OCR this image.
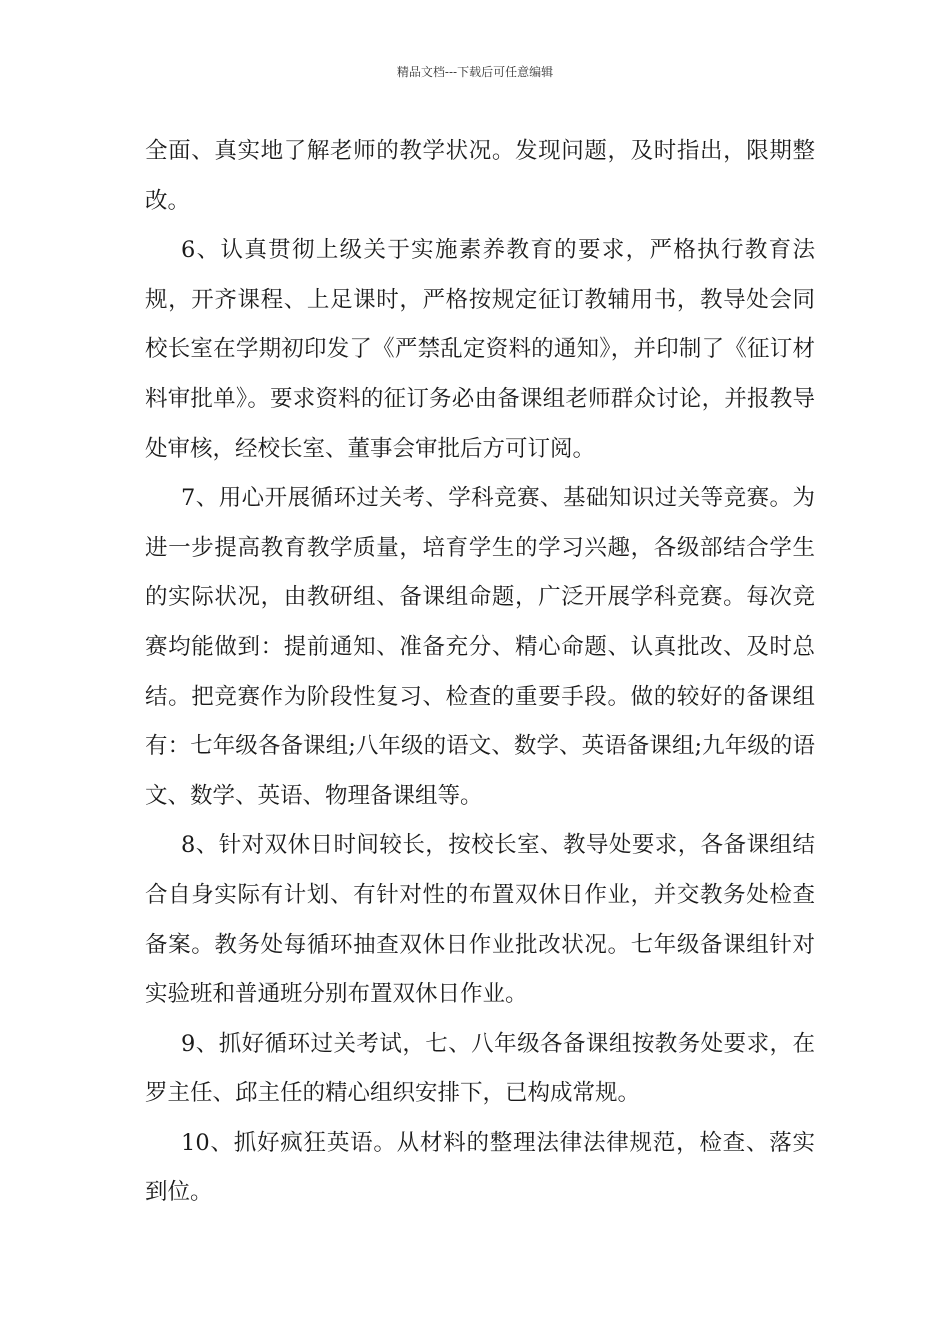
精品文档---下载后可任意编辑

全面、真实地了解老师的教学状况。发现问题，及时指出，限期整改。

6、认真贯彻上级关于实施素养教育的要求，严格执行教育法规，开齐课程、上足课时，严格按规定征订教辅用书，教导处会同校长室在学期初印发了《严禁乱定资料的通知》，并印制了《征订材料审批单》。要求资料的征订务必由备课组老师群众讨论，并报教导处审核，经校长室、董事会审批后方可订阅。

7、用心开展循环过关考、学科竞赛、基础知识过关等竞赛。为进一步提高教育教学质量，培育学生的学习兴趣，各级部结合学生的实际状况，由教研组、备课组命题，广泛开展学科竞赛。每次竞赛均能做到：提前通知、准备充分、精心命题、认真批改、及时总结。把竞赛作为阶段性复习、检查的重要手段。做的较好的备课组有：七年级各备课组;八年级的语文、数学、英语备课组;九年级的语文、数学、英语、物理备课组等。

8、针对双休日时间较长，按校长室、教导处要求，各备课组结合自身实际有计划、有针对性的布置双休日作业，并交教务处检查备案。教务处每循环抽查双休日作业批改状况。七年级备课组针对实验班和普通班分别布置双休日作业。

9、抓好循环过关考试，七、八年级各备课组按教务处要求，在罗主任、邱主任的精心组织安排下，已构成常规。

10、抓好疯狂英语。从材料的整理法律法律规范，检查、落实到位。
